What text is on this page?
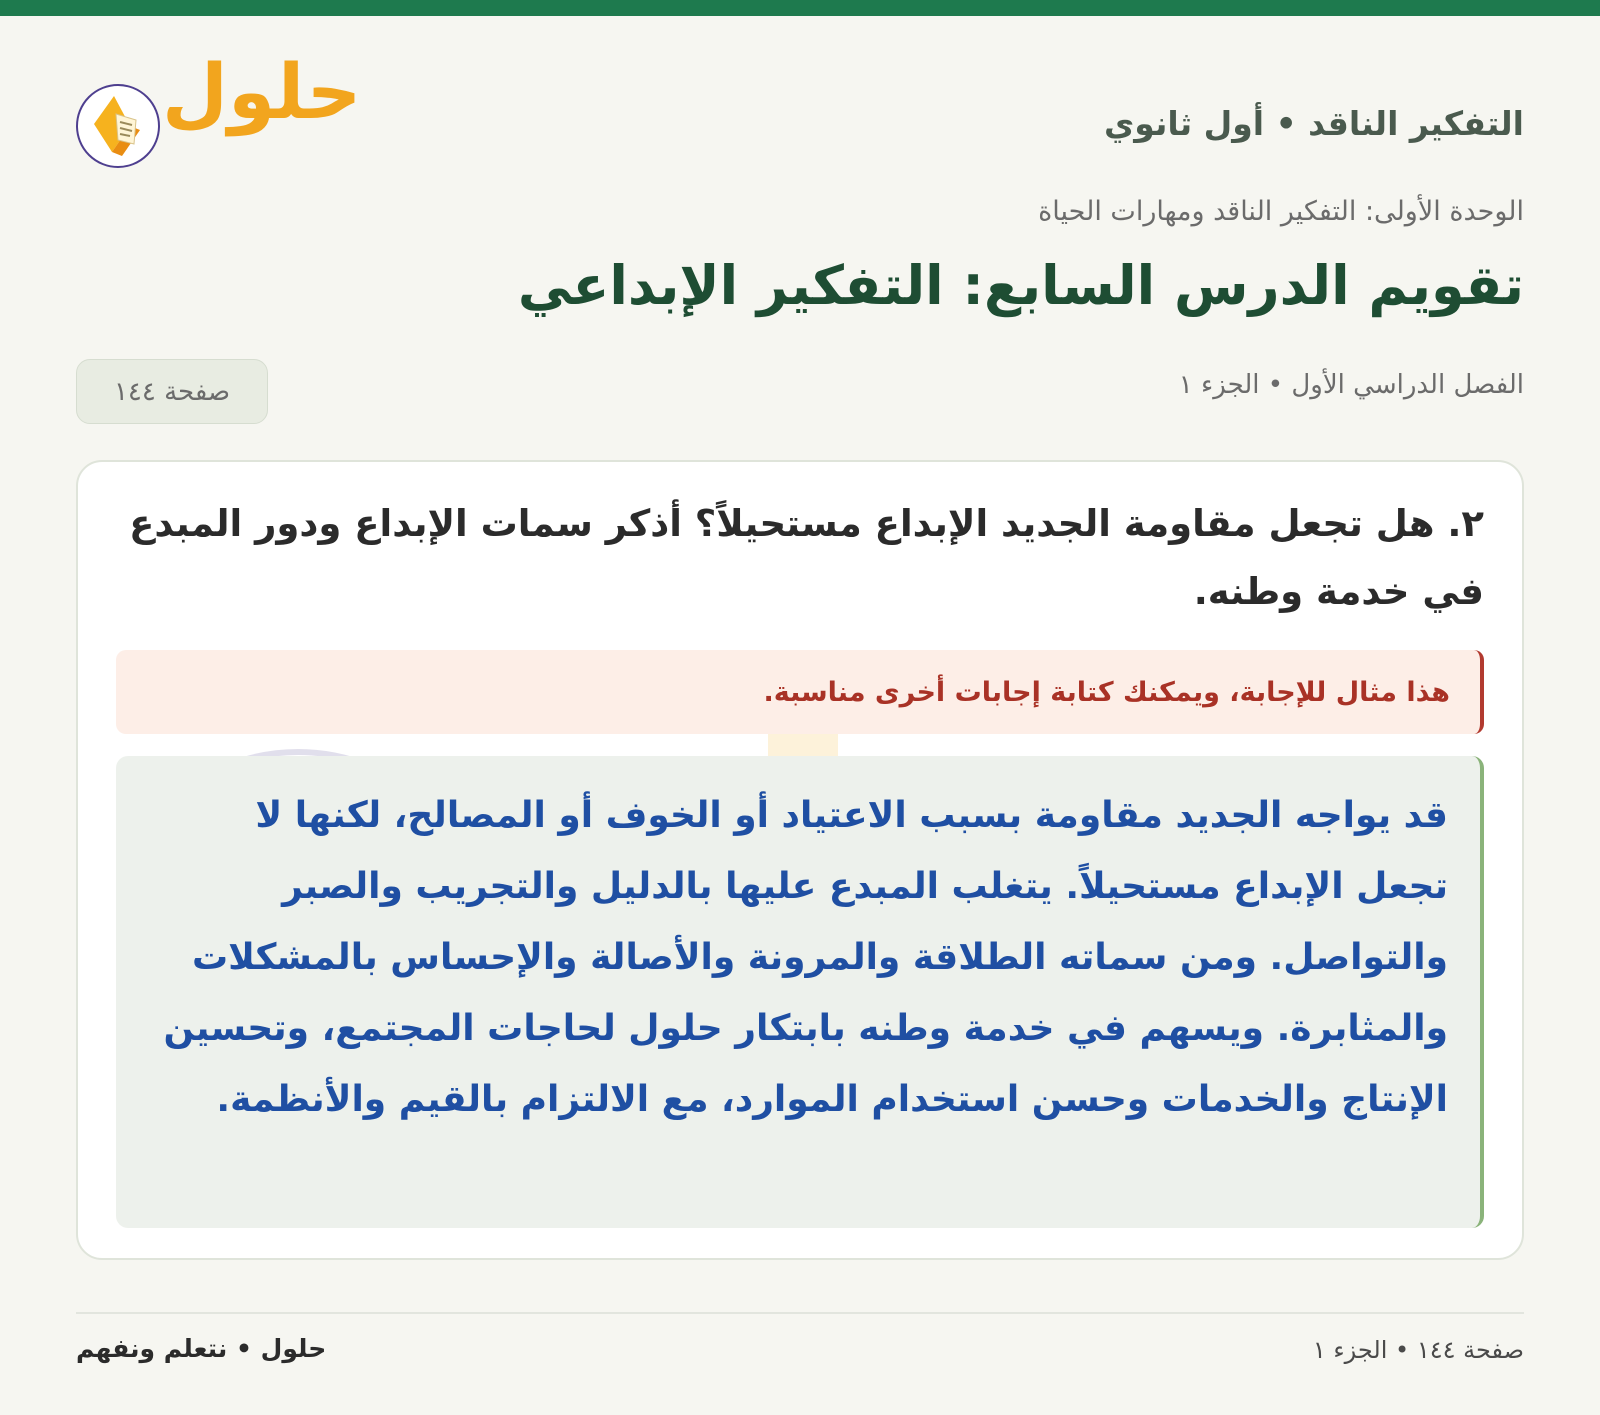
التفكير الناقد • أول ثانوي
حلول
الوحدة الأولى: التفكير الناقد ومهارات الحياة
تقويم الدرس السابع: التفكير الإبداعي
الفصل الدراسي الأول • الجزء ١
صفحة ١٤٤
٢. هل تجعل مقاومة الجديد الإبداع مستحيلاً؟ أذكر سمات الإبداع ودور المبدع في خدمة وطنه.
هذا مثال للإجابة، ويمكنك كتابة إجابات أخرى مناسبة.
قد يواجه الجديد مقاومة بسبب الاعتياد أو الخوف أو المصالح، لكنها لا تجعل الإبداع مستحيلاً. يتغلب المبدع عليها بالدليل والتجريب والصبر والتواصل. ومن سماته الطلاقة والمرونة والأصالة والإحساس بالمشكلات والمثابرة. ويسهم في خدمة وطنه بابتكار حلول لحاجات المجتمع، وتحسين الإنتاج والخدمات وحسن استخدام الموارد، مع الالتزام بالقيم والأنظمة.
صفحة ١٤٤ • الجزء ١
حلول • نتعلم ونفهم
